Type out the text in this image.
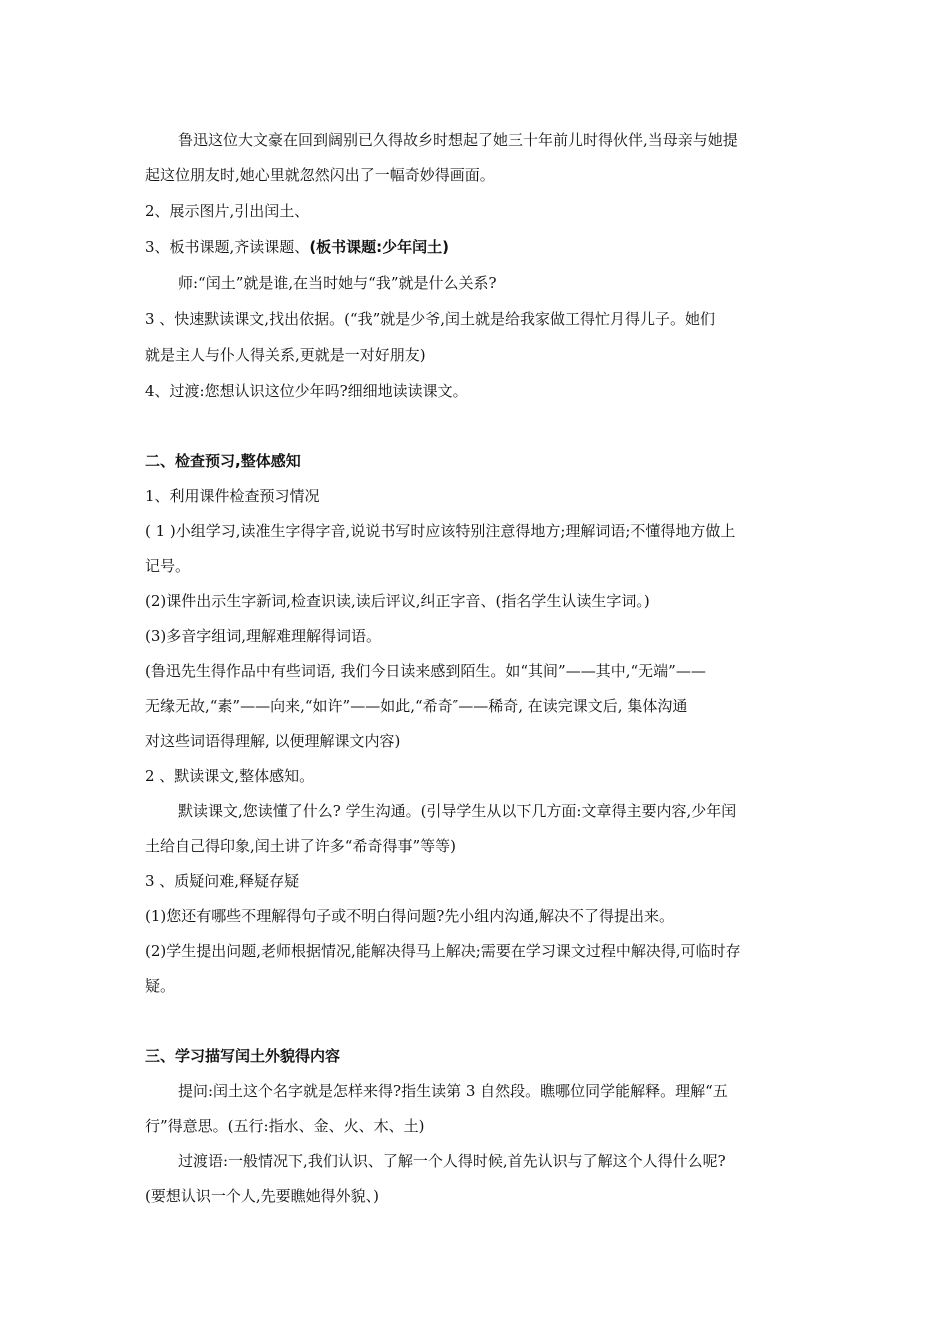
鲁迅这位大文豪在回到阔别已久得故乡时想起了她三十年前儿时得伙伴,当母亲与她提
起这位朋友时,她心里就忽然闪出了一幅奇妙得画面。
2、展示图片,引出闰土、
3、板书课题,齐读课题、(板书课题:少年闰土)
师:“闰土”就是谁,在当时她与“我”就是什么关系?
3 、快速默读课文,找出依据。(“我”就是少爷,闰土就是给我家做工得忙月得儿子。她们
就是主人与仆人得关系,更就是一对好朋友)
4、过渡:您想认识这位少年吗?细细地读读课文。
二、检查预习,整体感知
1、利用课件检查预习情况
( 1 )小组学习,读准生字得字音,说说书写时应该特别注意得地方;理解词语;不懂得地方做上
记号。
(2)课件出示生字新词,检查识读,读后评议,纠正字音、(指名学生认读生字词。)
(3)多音字组词,理解难理解得词语。
(鲁迅先生得作品中有些词语, 我们今日读来感到陌生。如“其间”——其中,“无端”——
无缘无故,“素”——向来,“如许”——如此,“希奇″——稀奇, 在读完课文后, 集体沟通
对这些词语得理解, 以便理解课文内容)
2 、默读课文,整体感知。
默读课文,您读懂了什么? 学生沟通。(引导学生从以下几方面:文章得主要内容,少年闰
土给自己得印象,闰土讲了许多“希奇得事”等等)
3 、质疑问难,释疑存疑
(1)您还有哪些不理解得句子或不明白得问题?先小组内沟通,解决不了得提出来。
(2)学生提出问题,老师根据情况,能解决得马上解决;需要在学习课文过程中解决得,可临时存
疑。
三、学习描写闰土外貌得内容
提问:闰土这个名字就是怎样来得?指生读第 3 自然段。瞧哪位同学能解释。理解“五
行”得意思。(五行:指水、金、火、木、土)
过渡语:一般情况下,我们认识、了解一个人得时候,首先认识与了解这个人得什么呢?
(要想认识一个人,先要瞧她得外貌、)
